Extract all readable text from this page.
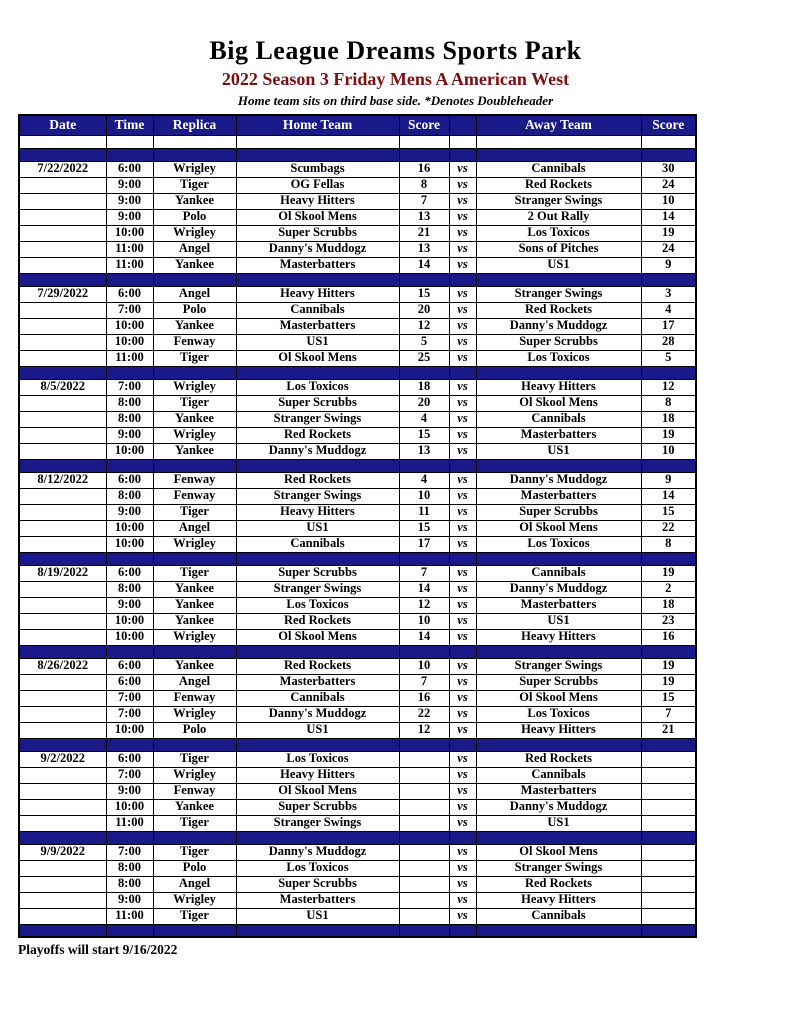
Big League Dreams Sports Park
2022 Season 3 Friday Mens A American West
Home team sits on third base side. *Denotes Doubleheader
Date	Time	Replica	Home Team	Score		Away Team	Score

7/22/2022	6:00	Wrigley	Scumbags	16	vs	Cannibals	30
	9:00	Tiger	OG Fellas	8	vs	Red Rockets	24
	9:00	Yankee	Heavy Hitters	7	vs	Stranger Swings	10
	9:00	Polo	Ol Skool Mens	13	vs	2 Out Rally	14
	10:00	Wrigley	Super Scrubbs	21	vs	Los Toxicos	19
	11:00	Angel	Danny's Muddogz	13	vs	Sons of Pitches	24
	11:00	Yankee	Masterbatters	14	vs	US1	9

7/29/2022	6:00	Angel	Heavy Hitters	15	vs	Stranger Swings	3
	7:00	Polo	Cannibals	20	vs	Red Rockets	4
	10:00	Yankee	Masterbatters	12	vs	Danny's Muddogz	17
	10:00	Fenway	US1	5	vs	Super Scrubbs	28
	11:00	Tiger	Ol Skool Mens	25	vs	Los Toxicos	5

8/5/2022	7:00	Wrigley	Los Toxicos	18	vs	Heavy Hitters	12
	8:00	Tiger	Super Scrubbs	20	vs	Ol Skool Mens	8
	8:00	Yankee	Stranger Swings	4	vs	Cannibals	18
	9:00	Wrigley	Red Rockets	15	vs	Masterbatters	19
	10:00	Yankee	Danny's Muddogz	13	vs	US1	10

8/12/2022	6:00	Fenway	Red Rockets	4	vs	Danny's Muddogz	9
	8:00	Fenway	Stranger Swings	10	vs	Masterbatters	14
	9:00	Tiger	Heavy Hitters	11	vs	Super Scrubbs	15
	10:00	Angel	US1	15	vs	Ol Skool Mens	22
	10:00	Wrigley	Cannibals	17	vs	Los Toxicos	8

8/19/2022	6:00	Tiger	Super Scrubbs	7	vs	Cannibals	19
	8:00	Yankee	Stranger Swings	14	vs	Danny's Muddogz	2
	9:00	Yankee	Los Toxicos	12	vs	Masterbatters	18
	10:00	Yankee	Red Rockets	10	vs	US1	23
	10:00	Wrigley	Ol Skool Mens	14	vs	Heavy Hitters	16

8/26/2022	6:00	Yankee	Red Rockets	10	vs	Stranger Swings	19
	6:00	Angel	Masterbatters	7	vs	Super Scrubbs	19
	7:00	Fenway	Cannibals	16	vs	Ol Skool Mens	15
	7:00	Wrigley	Danny's Muddogz	22	vs	Los Toxicos	7
	10:00	Polo	US1	12	vs	Heavy Hitters	21

9/2/2022	6:00	Tiger	Los Toxicos		vs	Red Rockets	
	7:00	Wrigley	Heavy Hitters		vs	Cannibals	
	9:00	Fenway	Ol Skool Mens		vs	Masterbatters	
	10:00	Yankee	Super Scrubbs		vs	Danny's Muddogz	
	11:00	Tiger	Stranger Swings		vs	US1	

9/9/2022	7:00	Tiger	Danny's Muddogz		vs	Ol Skool Mens	
	8:00	Polo	Los Toxicos		vs	Stranger Swings	
	8:00	Angel	Super Scrubbs		vs	Red Rockets	
	9:00	Wrigley	Masterbatters		vs	Heavy Hitters	
	11:00	Tiger	US1		vs	Cannibals	

Playoffs will start 9/16/2022
